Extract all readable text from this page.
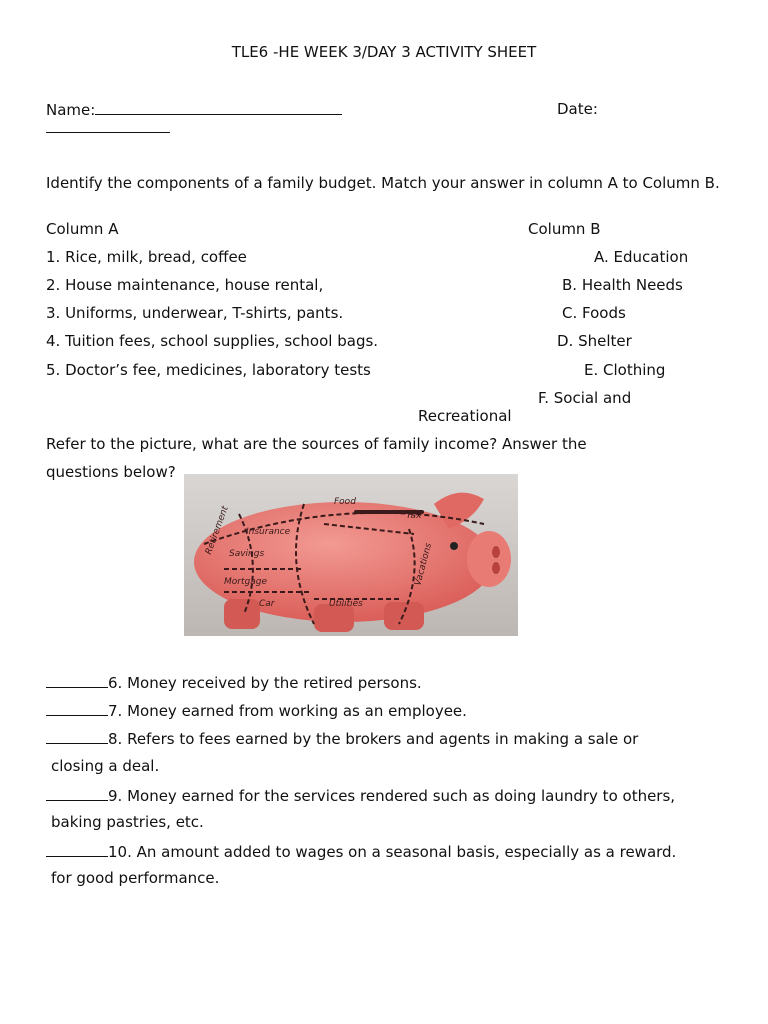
TLE6 -HE WEEK 3/DAY 3 ACTIVITY SHEET
Name:	Date:
Identify the components of a family budget. Match your answer in column A to Column B.
Column A
1. Rice, milk, bread, coffee
2. House maintenance, house rental,
3. Uniforms, underwear, T-shirts, pants.
4. Tuition fees, school supplies, school bags.
5. Doctor’s fee, medicines, laboratory tests
Column B
A. Education
B. Health Needs
C. Foods
D. Shelter
E. Clothing
F. Social and
Recreational
Refer to the picture, what are the sources of family income? Answer the
questions below?
Retirement Insurance
Savings
Mortgage
Car	Utilities
Vacations
Food
Tax
6. Money received by the retired persons.
7. Money earned from working as an employee.
8. Refers to fees earned by the brokers and agents in making a sale or
closing a deal.
9. Money earned for the services rendered such as doing laundry to others,
baking pastries, etc.
10. An amount added to wages on a seasonal basis, especially as a reward.
for good performance.
